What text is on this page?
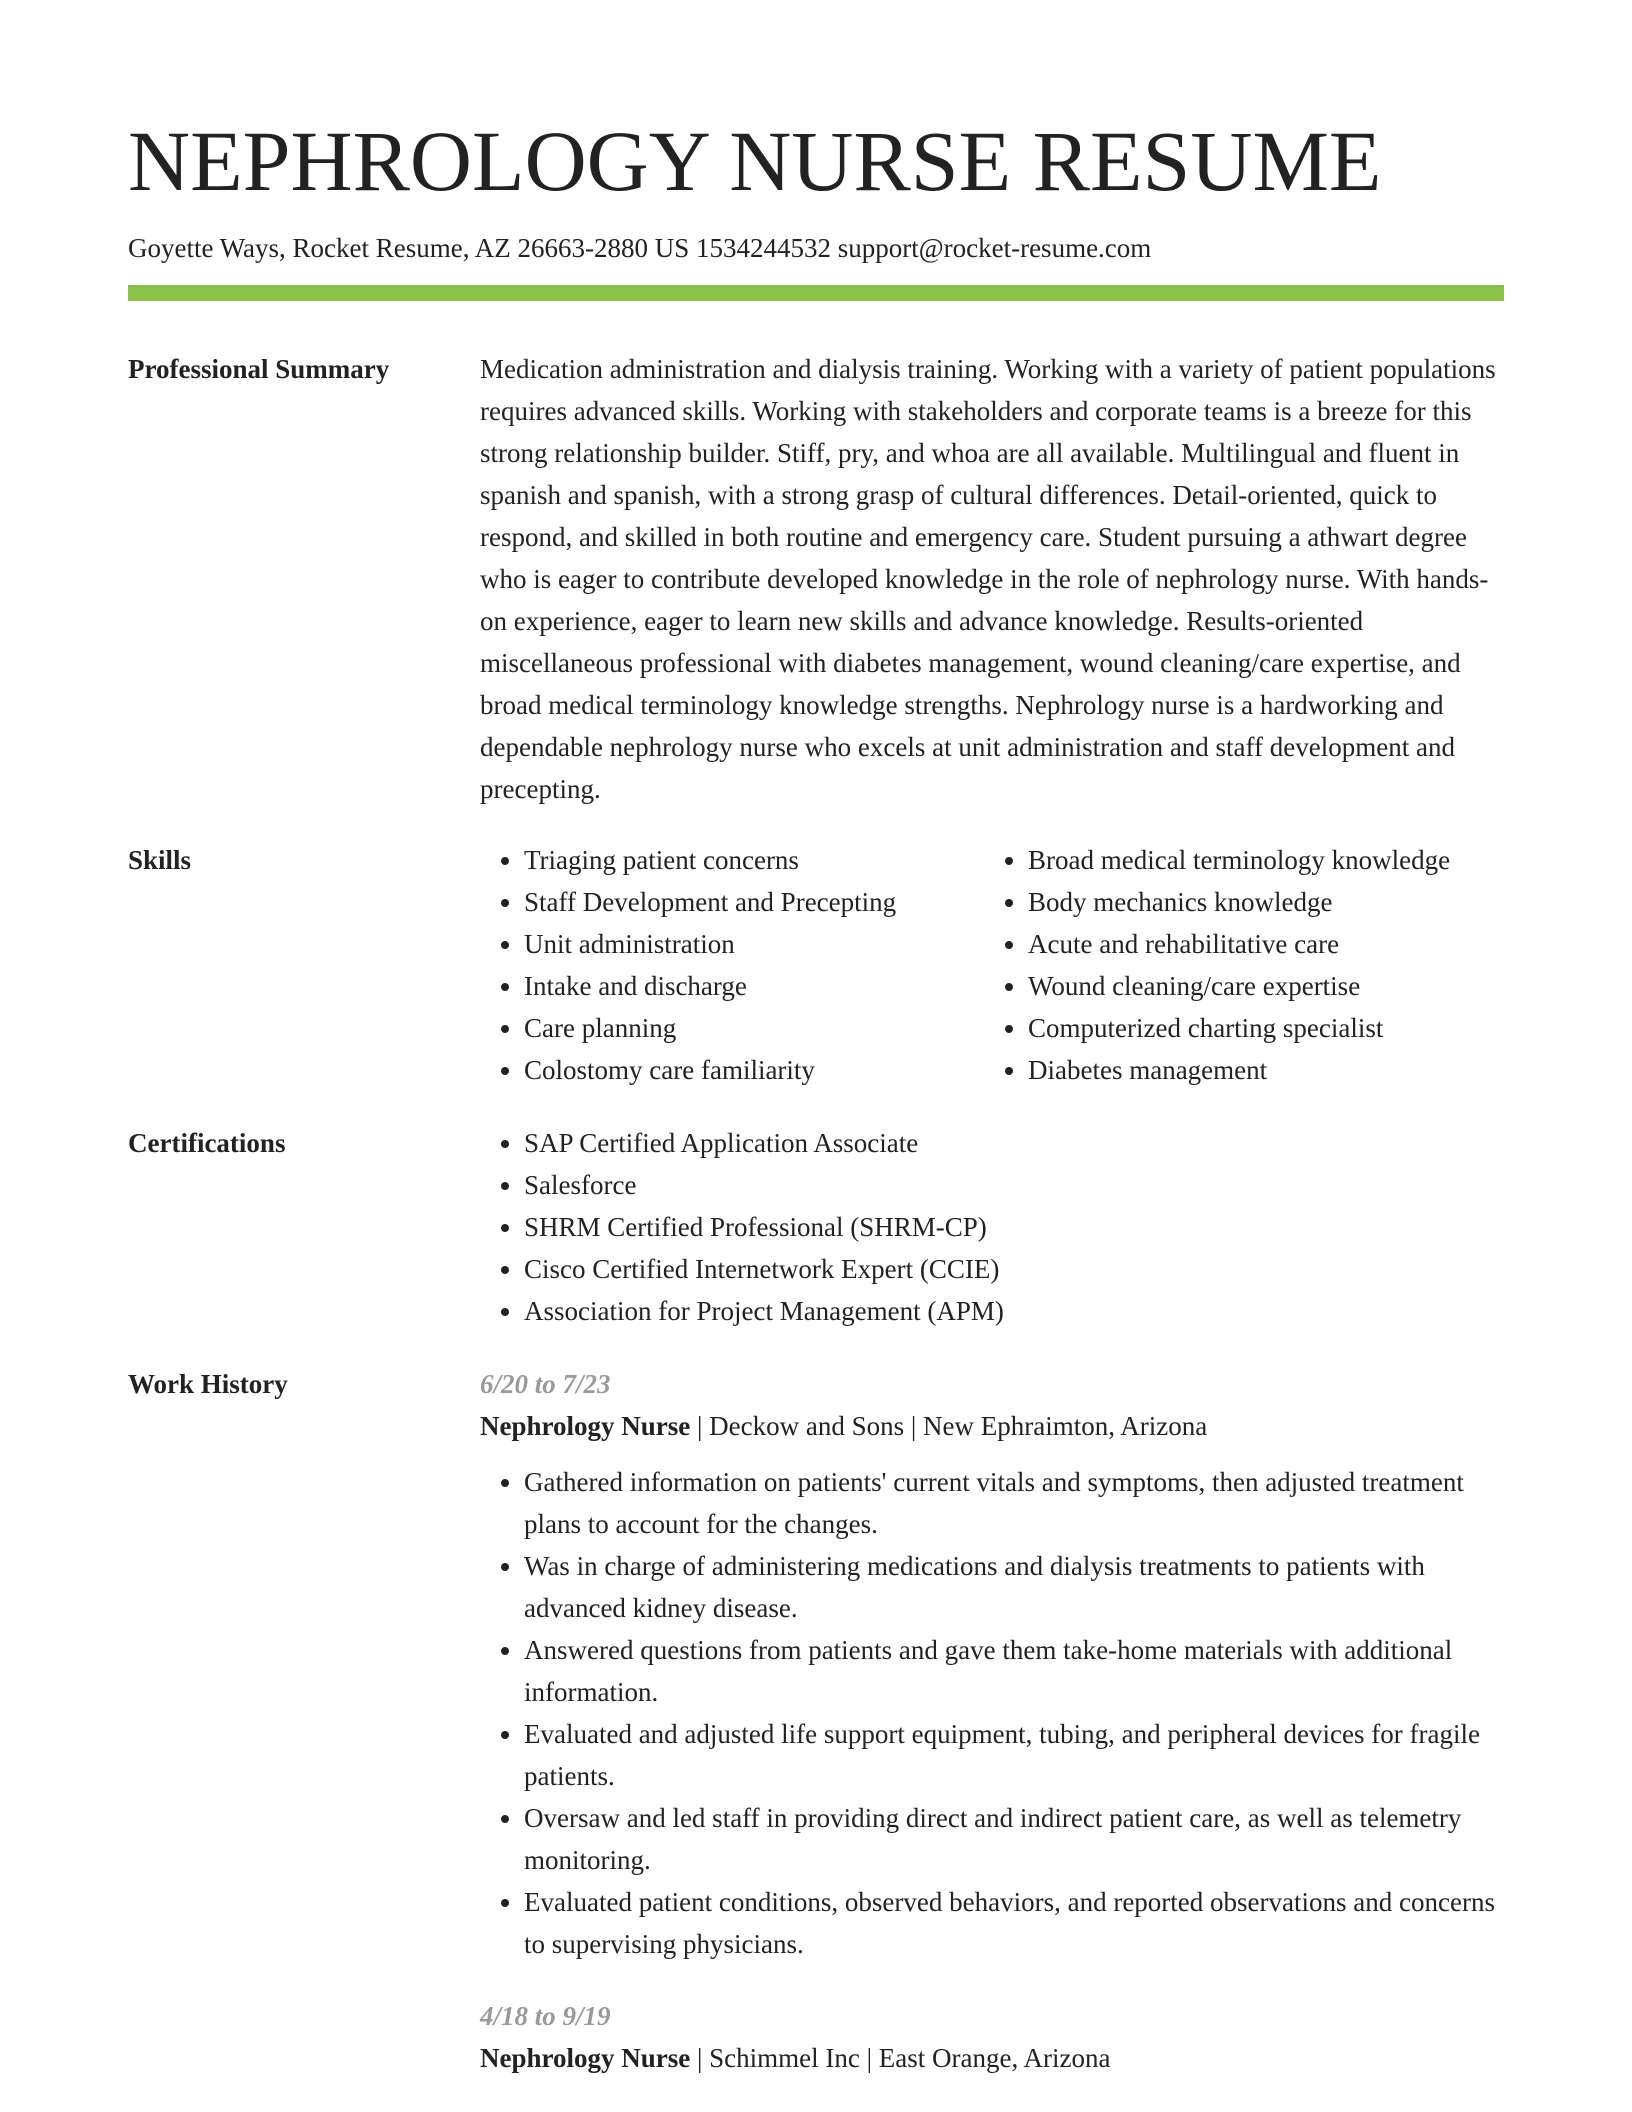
NEPHROLOGY NURSE RESUME
Goyette Ways, Rocket Resume, AZ 26663-2880 US 1534244532 support@rocket-resume.com
Professional Summary	Medication administration and dialysis training. Working with a variety of patient populations requires advanced skills. Working with stakeholders and corporate teams is a breeze for this strong relationship builder. Stiff, pry, and whoa are all available. Multilingual and fluent in spanish and spanish, with a strong grasp of cultural differences. Detail-oriented, quick to respond, and skilled in both routine and emergency care. Student pursuing a athwart degree who is eager to contribute developed knowledge in the role of nephrology nurse. With hands-on experience, eager to learn new skills and advance knowledge. Results-oriented miscellaneous professional with diabetes management, wound cleaning/care expertise, and broad medical terminology knowledge strengths. Nephrology nurse is a hardworking and dependable nephrology nurse who excels at unit administration and staff development and precepting.

Skills	• Triaging patient concerns
• Staff Development and Precepting
• Unit administration
• Intake and discharge
• Care planning
• Colostomy care familiarity
• Broad medical terminology knowledge
• Body mechanics knowledge
• Acute and rehabilitative care
• Wound cleaning/care expertise
• Computerized charting specialist
• Diabetes management
Certifications	• SAP Certified Application Associate
• Salesforce
• SHRM Certified Professional (SHRM-CP)
• Cisco Certified Internetwork Expert (CCIE)
• Association for Project Management (APM)
Work History	6/20 to 7/23
Nephrology Nurse | Deckow and Sons | New Ephraimton, Arizona
• Gathered information on patients' current vitals and symptoms, then adjusted treatment plans to account for the changes.
• Was in charge of administering medications and dialysis treatments to patients with advanced kidney disease.
• Answered questions from patients and gave them take-home materials with additional information.
• Evaluated and adjusted life support equipment, tubing, and peripheral devices for fragile patients.
• Oversaw and led staff in providing direct and indirect patient care, as well as telemetry monitoring.
• Evaluated patient conditions, observed behaviors, and reported observations and concerns to supervising physicians.
4/18 to 9/19
Nephrology Nurse | Schimmel Inc | East Orange, Arizona
